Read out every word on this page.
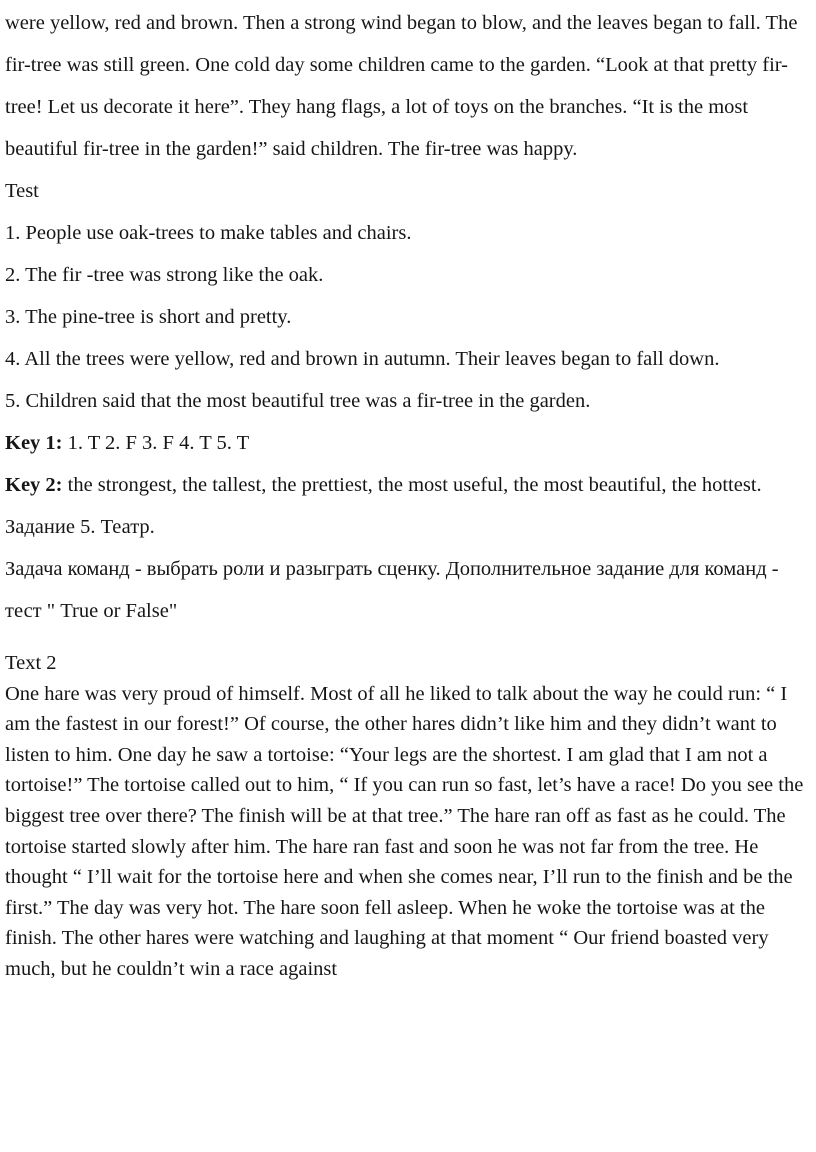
were yellow, red and brown. Then a strong wind began to blow, and the leaves began to fall. The fir-tree was still green. One cold day some children came to the garden. “Look at that pretty fir-tree! Let us decorate it here”. They hang flags, a lot of toys on the branches. “It is the most beautiful fir-tree in the garden!” said children. The fir-tree was happy.

Test

1. People use oak-trees to make tables and chairs.

2. The fir -tree was strong like the oak.

3. The pine-tree is short and pretty.

4. All the trees were yellow, red and brown in autumn. Their leaves began to fall down.

5. Children said that the most beautiful tree was a fir-tree in the garden.

Key 1: 1. T 2. F 3. F 4. T 5. T

Key 2: the strongest, the tallest, the prettiest, the most useful, the most beautiful, the hottest.

Задание 5. Театр.

Задача команд - выбрать роли и разыграть сценку. Дополнительное задание для команд - тест " True or False"

Text 2

One hare was very proud of himself. Most of all he liked to talk about the way he could run: “ I am the fastest in our forest!” Of course, the other hares didn’t like him and they didn’t want to listen to him. One day he saw a tortoise: “Your legs are the shortest. I am glad that I am not a tortoise!” The tortoise called out to him, “ If you can run so fast, let’s have a race! Do you see the biggest tree over there? The finish will be at that tree.” The hare ran off as fast as he could. The tortoise started slowly after him. The hare ran fast and soon he was not far from the tree. He thought “ I’ll wait for the tortoise here and when she comes near, I’ll run to the finish and be the first.” The day was very hot. The hare soon fell asleep. When he woke the tortoise was at the finish. The other hares were watching and laughing at that moment “ Our friend boasted very much, but he couldn’t win a race against
